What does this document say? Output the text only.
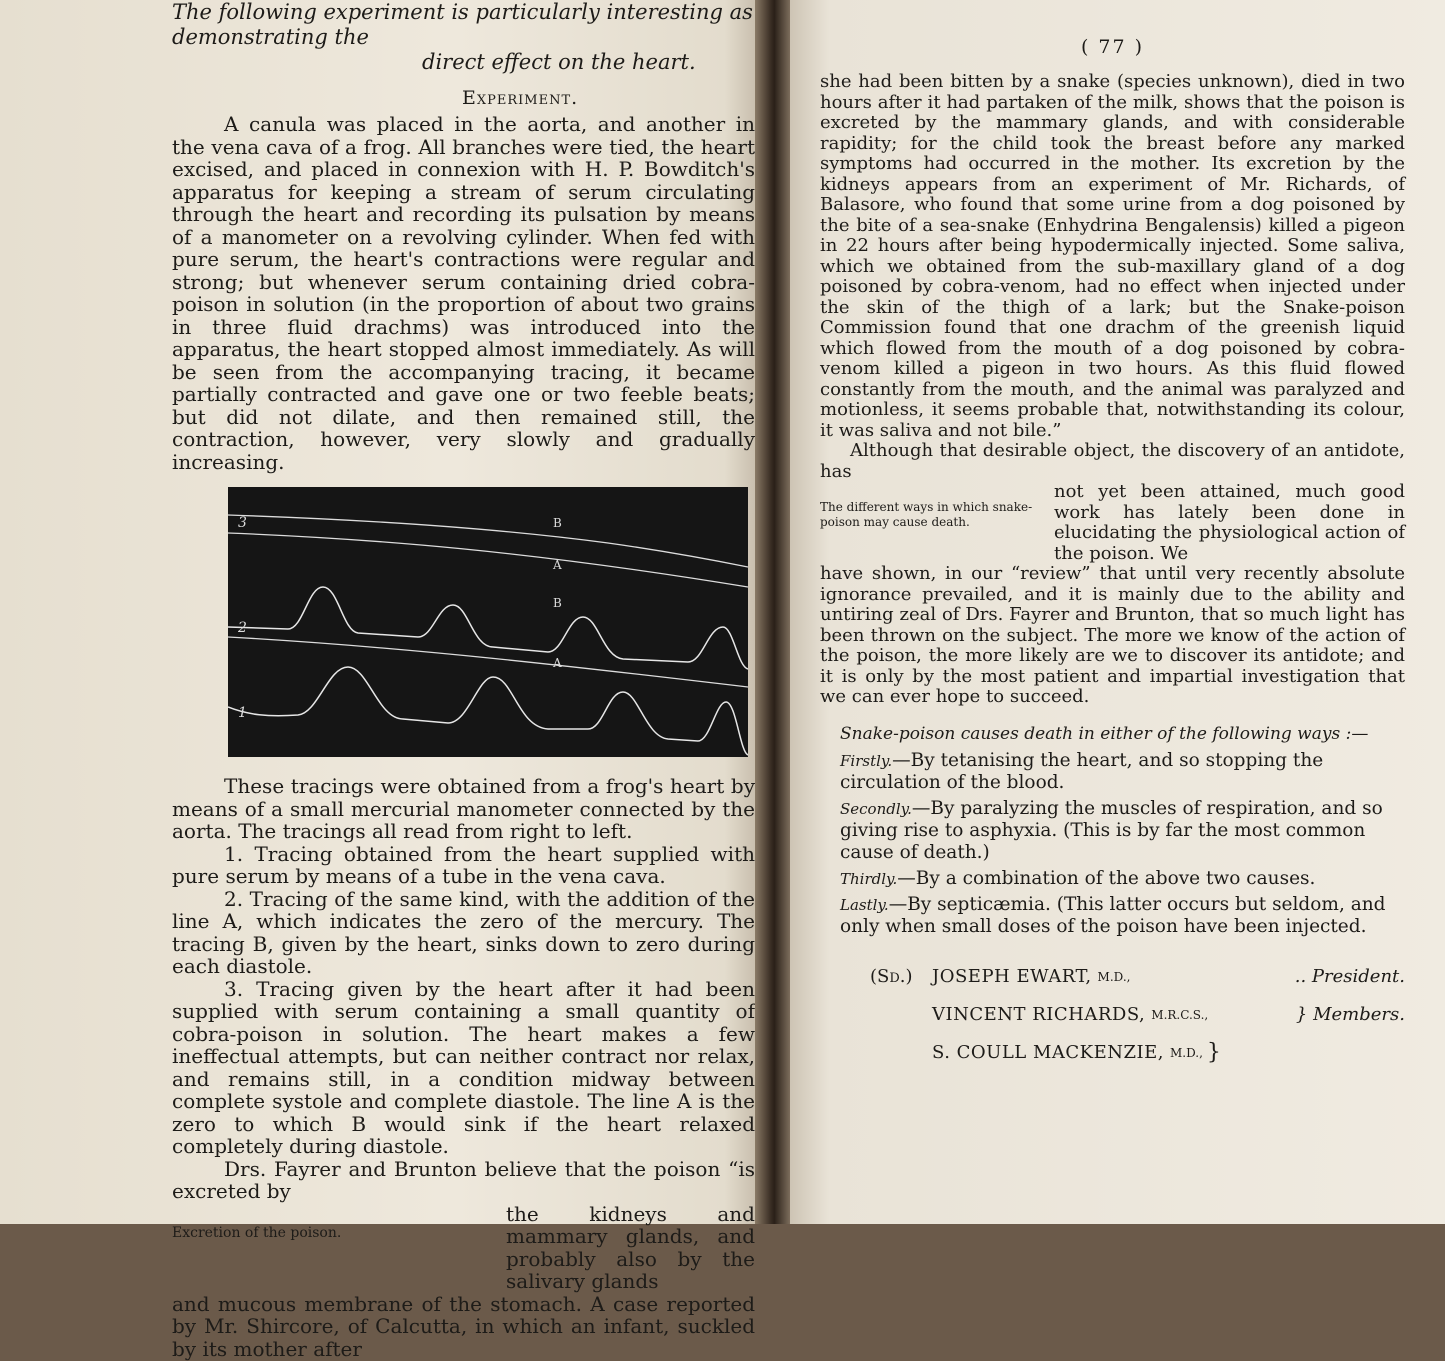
The following experiment is particularly interesting as demonstrating the

direct effect on the heart.

Experiment.

A canula was placed in the aorta, and another in the vena cava of a frog. All branches were tied, the heart excised, and placed in connexion with H. P. Bowditch's apparatus for keeping a stream of serum circulating through the heart and recording its pulsation by means of a manometer on a revolving cylinder. When fed with pure serum, the heart's contractions were regular and strong; but whenever serum containing dried cobra-poison in solution (in the proportion of about two grains in three fluid drachms) was introduced into the apparatus, the heart stopped almost immediately. As will be seen from the accompanying tracing, it became partially contracted and gave one or two feeble beats; but did not dilate, and then remained still, the contraction, however, very slowly and gradually increasing.

3
2
1
B
A
B
A

These tracings were obtained from a frog's heart by means of a small mercurial manometer connected by the aorta. The tracings all read from right to left.

1. Tracing obtained from the heart supplied with pure serum by means of a tube in the vena cava.

2. Tracing of the same kind, with the addition of the line A, which indicates the zero of the mercury. The tracing B, given by the heart, sinks down to zero during each diastole.

3. Tracing given by the heart after it had been supplied with serum containing a small quantity of cobra-poison in solution. The heart makes a few ineffectual attempts, but can neither contract nor relax, and remains still, in a condition midway between complete systole and complete diastole. The line A is the zero to which B would sink if the heart relaxed completely during diastole.

Drs. Fayrer and Brunton believe that the poison “is excreted by

Excretion of the poison.
the kidneys and mammary glands, and probably also by the salivary glands

and mucous membrane of the stomach. A case reported by Mr. Shircore, of Calcutta, in which an infant, suckled by its mother after

( 77 )

she had been bitten by a snake (species unknown), died in two hours after it had partaken of the milk, shows that the poison is excreted by the mammary glands, and with considerable rapidity; for the child took the breast before any marked symptoms had occurred in the mother. Its excretion by the kidneys appears from an experiment of Mr. Richards, of Balasore, who found that some urine from a dog poisoned by the bite of a sea-snake (Enhydrina Bengalensis) killed a pigeon in 22 hours after being hypodermically injected. Some saliva, which we obtained from the sub-maxillary gland of a dog poisoned by cobra-venom, had no effect when injected under the skin of the thigh of a lark; but the Snake-poison Commission found that one drachm of the greenish liquid which flowed from the mouth of a dog poisoned by cobra-venom killed a pigeon in two hours. As this fluid flowed constantly from the mouth, and the animal was paralyzed and motionless, it seems probable that, notwithstanding its colour, it was saliva and not bile.”

Although that desirable object, the discovery of an antidote, has

The different ways in which snake-poison may cause death.
not yet been attained, much good work has lately been done in elucidating the physiological action of the poison. We

have shown, in our “review” that until very recently absolute ignorance prevailed, and it is mainly due to the ability and untiring zeal of Drs. Fayrer and Brunton, that so much light has been thrown on the subject. The more we know of the action of the poison, the more likely are we to discover its antidote; and it is only by the most patient and impartial investigation that we can ever hope to succeed.

Snake-poison causes death in either of the following ways :—
Firstly.—By tetanising the heart, and so stopping the circulation of the blood.
Secondly.—By paralyzing the muscles of respiration, and so giving rise to asphyxia. (This is by far the most common cause of death.)
Thirdly.—By a combination of the above two causes.
Lastly.—By septicæmia. (This latter occurs but seldom, and only when small doses of the poison have been injected.
(Sd.)	JOSEPH EWART, M.D.,	.. President.
VINCENT RICHARDS, M.R.C.S.,	} Members.
S. COULL MACKENZIE, M.D., }
